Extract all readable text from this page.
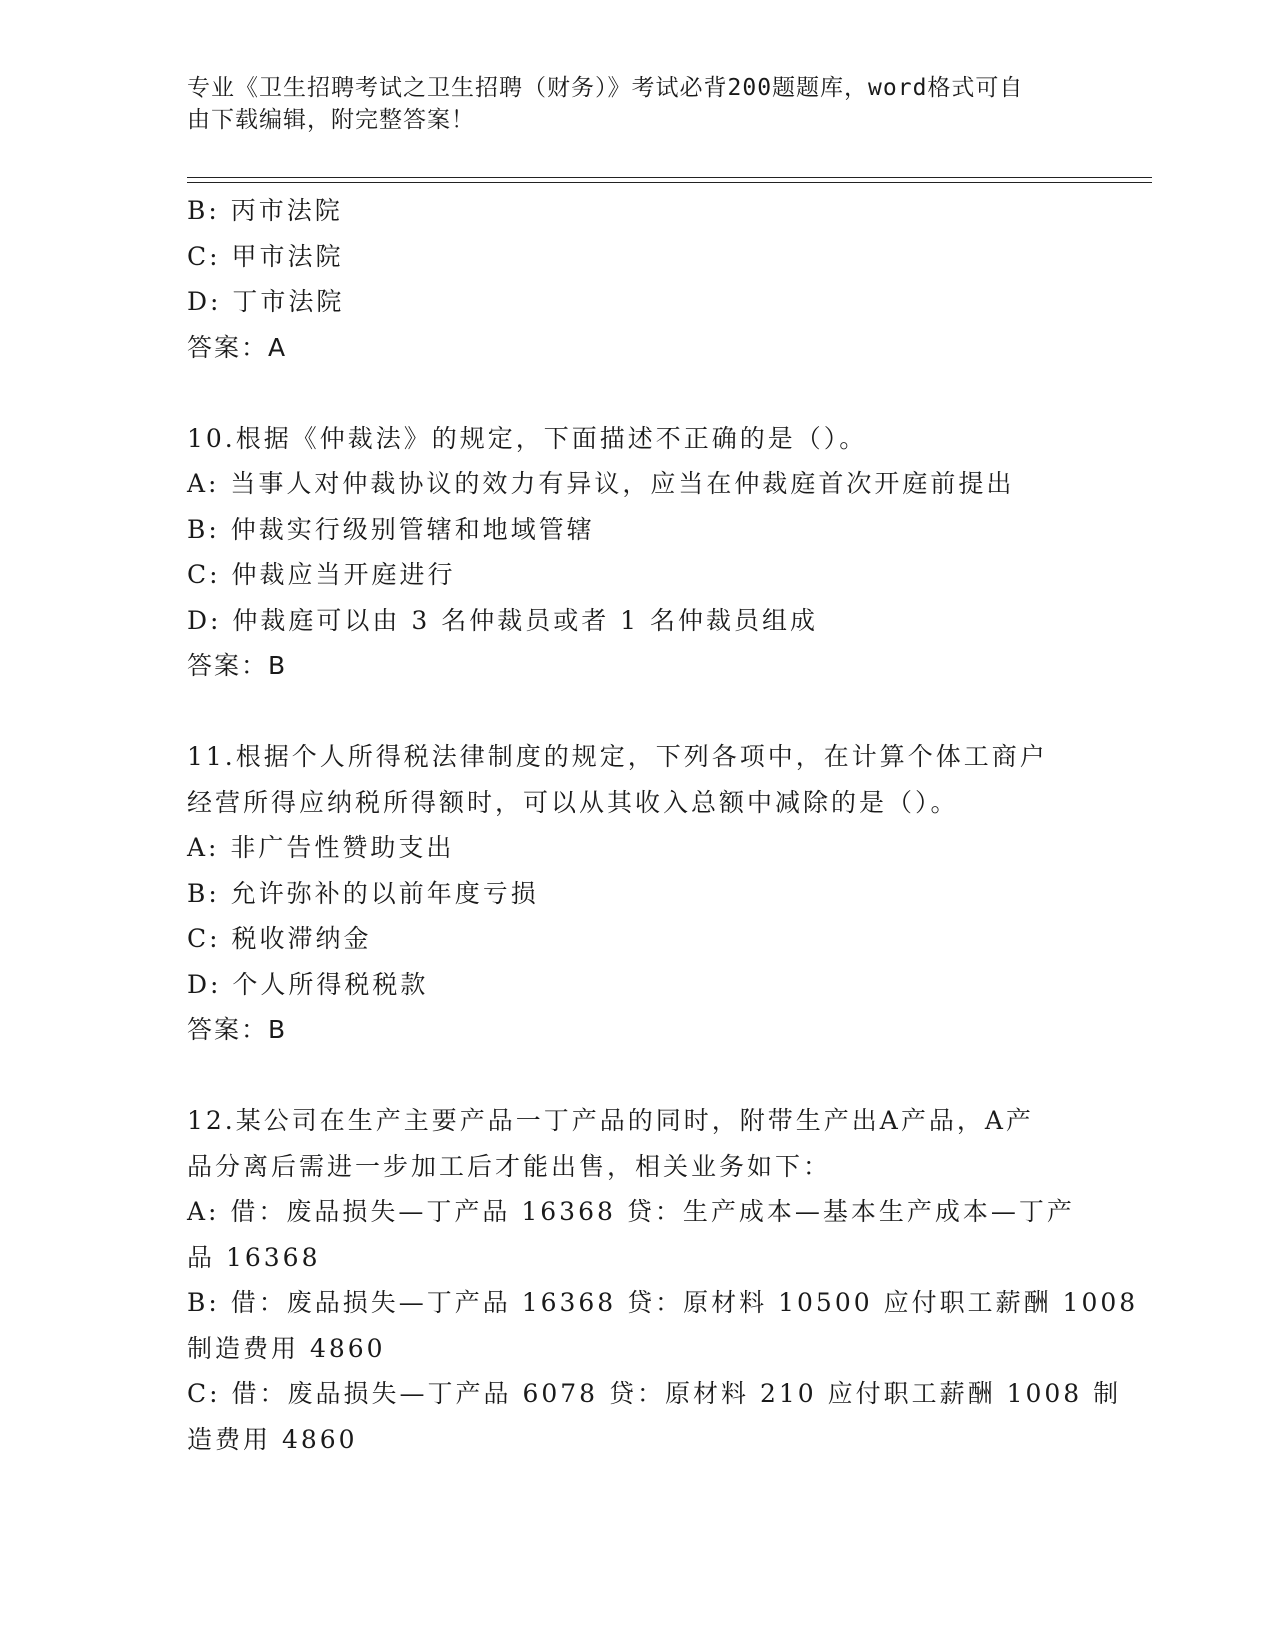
专业《卫生招聘考试之卫生招聘（财务）》考试必背200题题库，word格式可自
由下载编辑，附完整答案！
B: 丙市法院
C: 甲市法院
D: 丁市法院
答案：A
10.根据《仲裁法》的规定，下面描述不正确的是（）。
A: 当事人对仲裁协议的效力有异议，应当在仲裁庭首次开庭前提出
B: 仲裁实行级别管辖和地域管辖
C: 仲裁应当开庭进行
D: 仲裁庭可以由 3 名仲裁员或者 1 名仲裁员组成
答案：B
11.根据个人所得税法律制度的规定，下列各项中，在计算个体工商户
经营所得应纳税所得额时，可以从其收入总额中减除的是（）。
A: 非广告性赞助支出
B: 允许弥补的以前年度亏损
C: 税收滞纳金
D: 个人所得税税款
答案：B
12.某公司在生产主要产品一丁产品的同时，附带生产出A产品，A产
品分离后需进一步加工后才能出售，相关业务如下：
A: 借：废品损失—丁产品 16368 贷：生产成本—基本生产成本—丁产
品 16368
B: 借：废品损失—丁产品 16368 贷：原材料 10500 应付职工薪酬 1008
制造费用 4860
C: 借：废品损失—丁产品 6078 贷：原材料 210 应付职工薪酬 1008 制
造费用 4860
